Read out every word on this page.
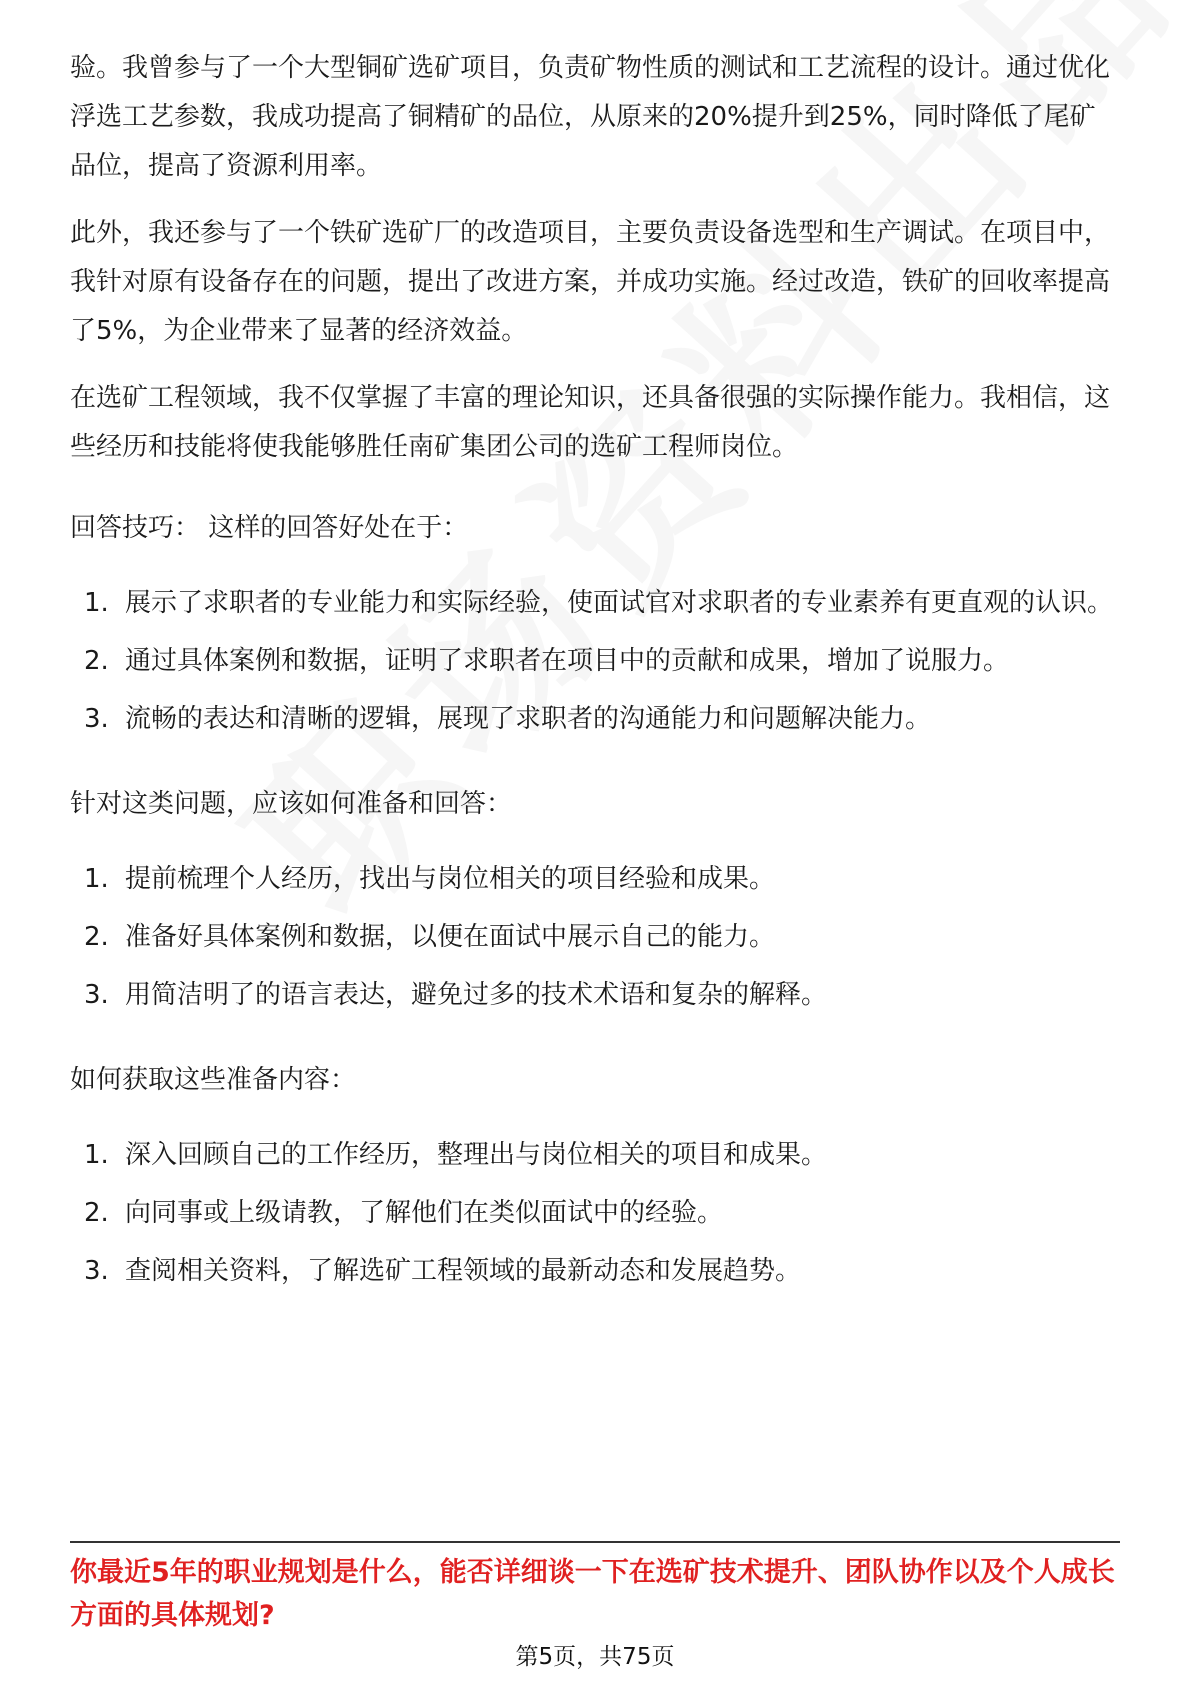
验。我曾参与了一个大型铜矿选矿项目，负责矿物性质的测试和工艺流程的设计。通过优化浮选工艺参数，我成功提高了铜精矿的品位，从原来的20%提升到25%，同时降低了尾矿品位，提高了资源利用率。

此外，我还参与了一个铁矿选矿厂的改造项目，主要负责设备选型和生产调试。在项目中，我针对原有设备存在的问题，提出了改进方案，并成功实施。经过改造，铁矿的回收率提高了5%，为企业带来了显著的经济效益。

在选矿工程领域，我不仅掌握了丰富的理论知识，还具备很强的实际操作能力。我相信，这些经历和技能将使我能够胜任南矿集团公司的选矿工程师岗位。

回答技巧： 这样的回答好处在于：

1. 展示了求职者的专业能力和实际经验，使面试官对求职者的专业素养有更直观的认识。
2. 通过具体案例和数据，证明了求职者在项目中的贡献和成果，增加了说服力。
3. 流畅的表达和清晰的逻辑，展现了求职者的沟通能力和问题解决能力。

针对这类问题，应该如何准备和回答：

1. 提前梳理个人经历，找出与岗位相关的项目经验和成果。
2. 准备好具体案例和数据，以便在面试中展示自己的能力。
3. 用简洁明了的语言表达，避免过多的技术术语和复杂的解释。

如何获取这些准备内容：

1. 深入回顾自己的工作经历，整理出与岗位相关的项目和成果。
2. 向同事或上级请教，了解他们在类似面试中的经验。
3. 查阅相关资料，了解选矿工程领域的最新动态和发展趋势。
你最近5年的职业规划是什么，能否详细谈一下在选矿技术提升、团队协作以及个人成长方面的具体规划?
第5页，共75页
